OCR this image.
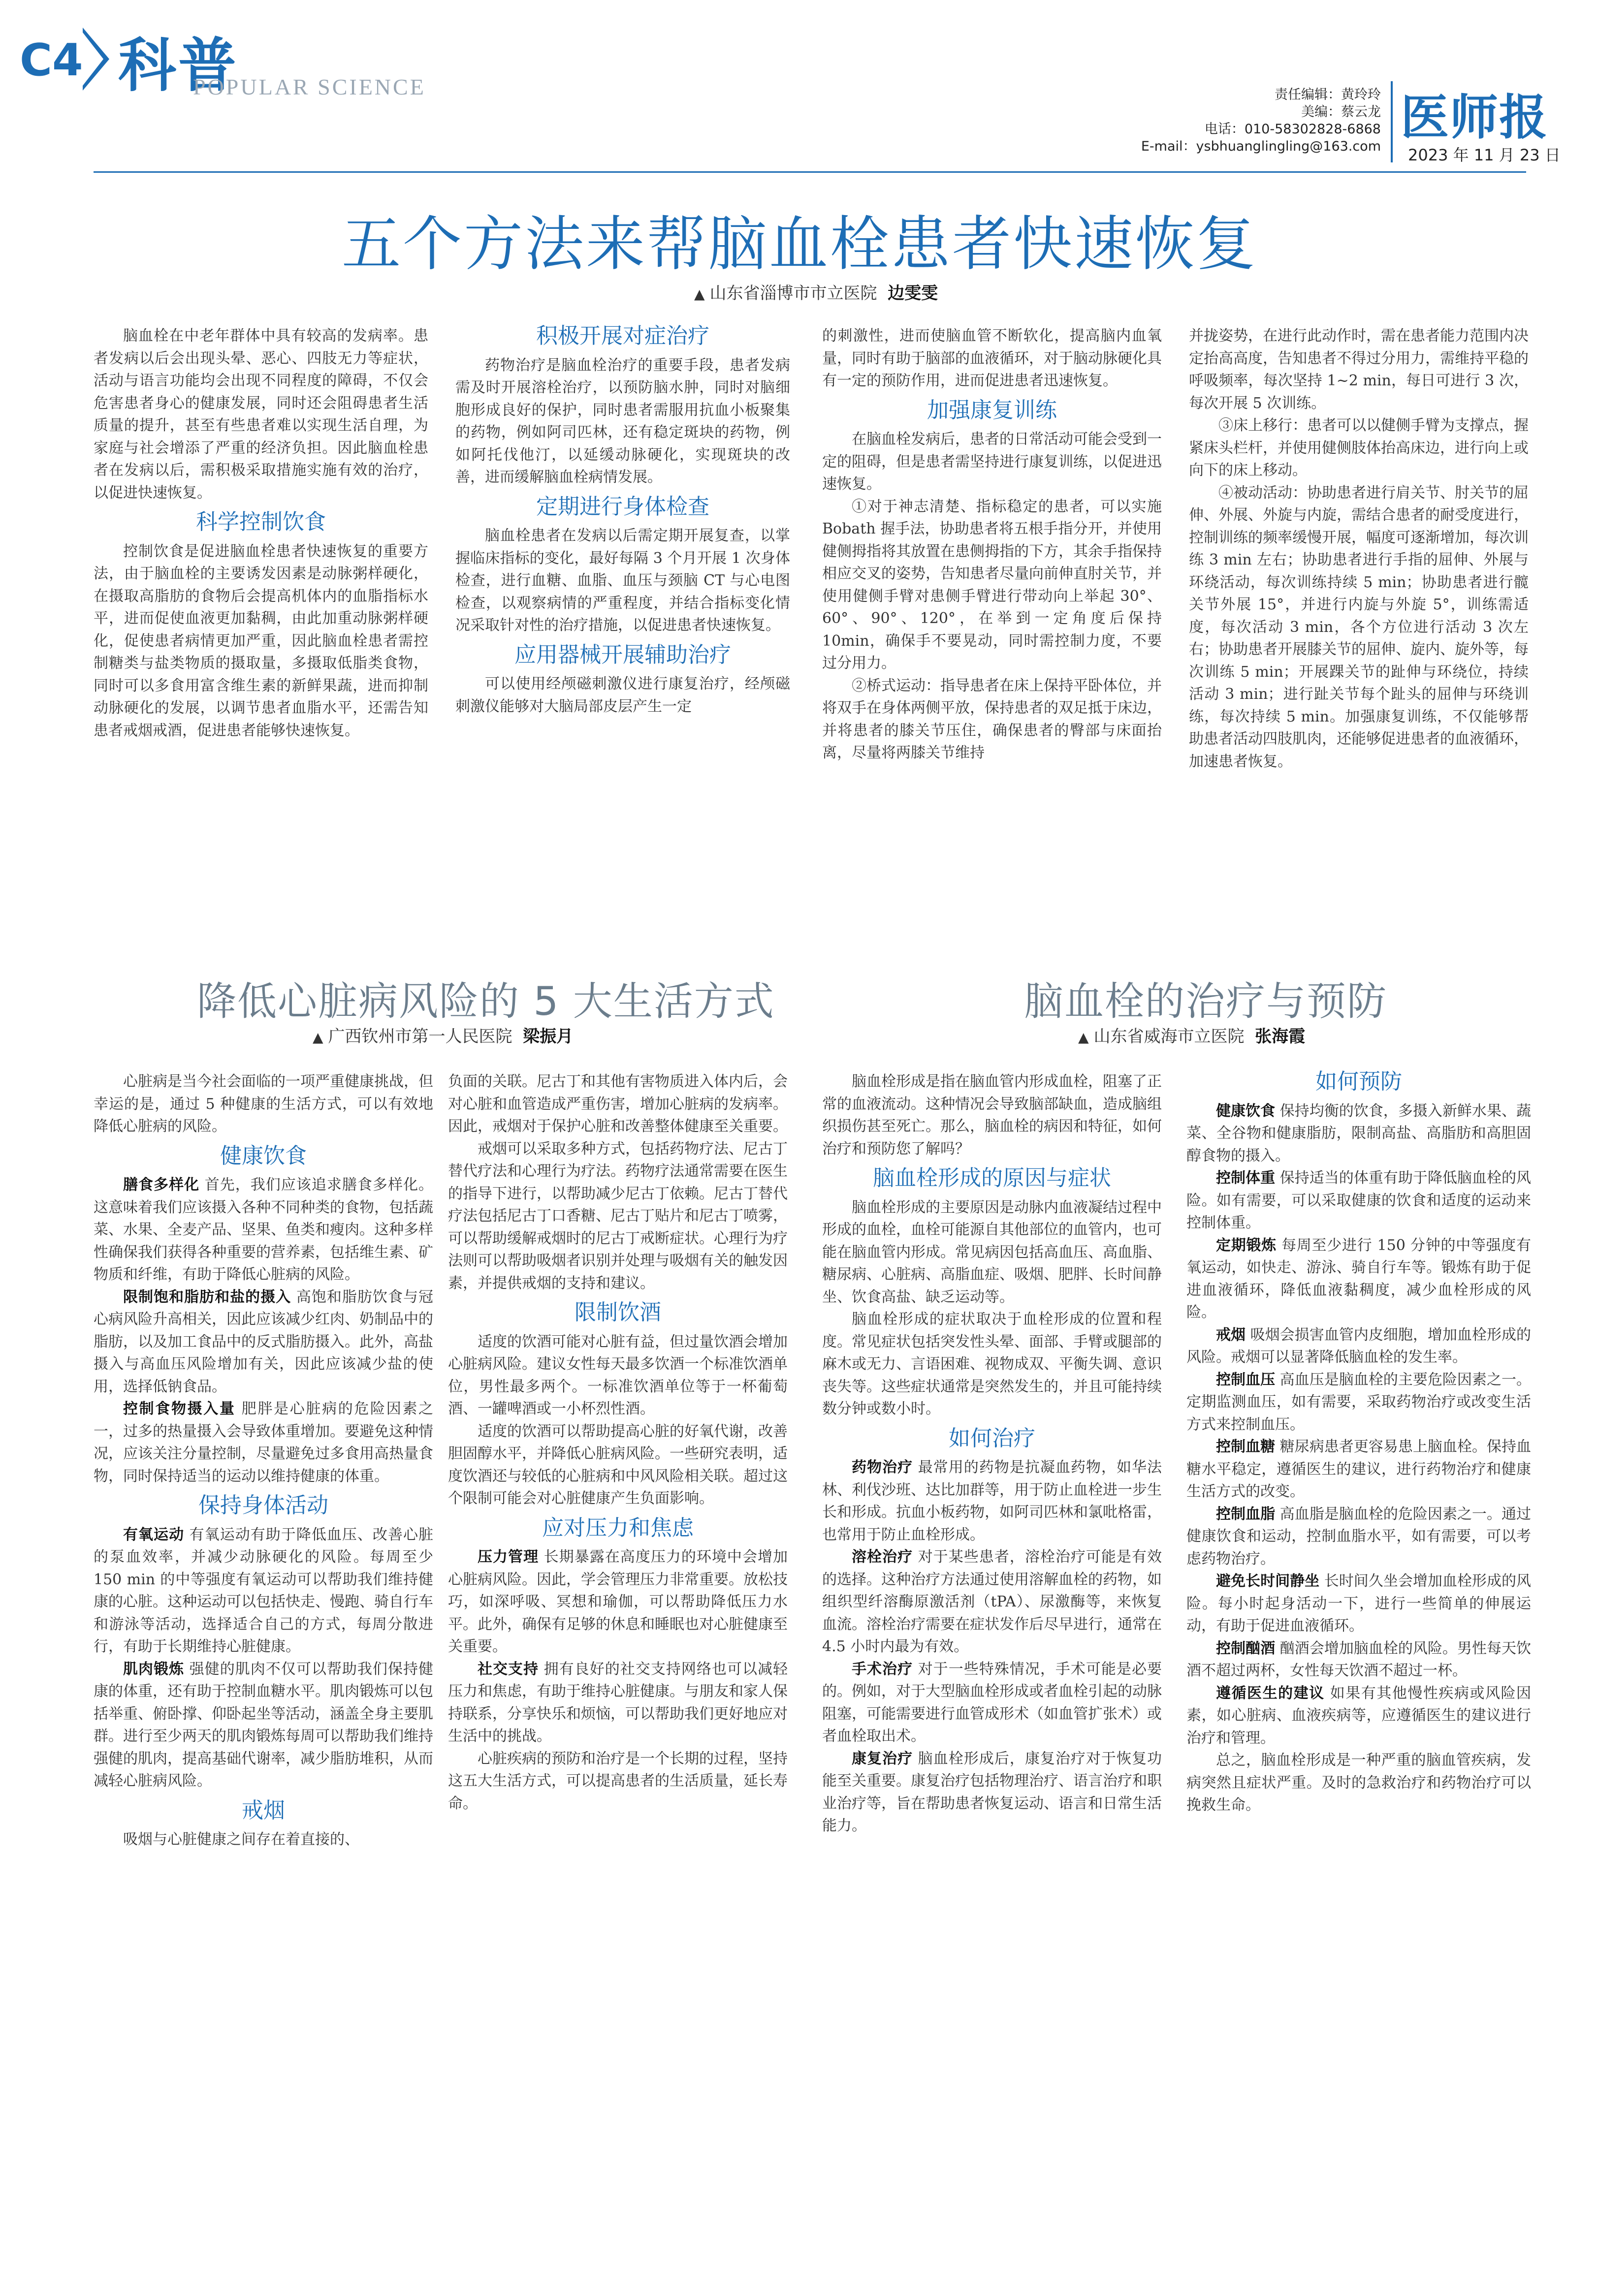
C4 科普
POPULAR SCIENCE	责任编辑：黄玲玲
美编：蔡云龙
电话：010-58302828-6868
E-mail：ysbhuanglingling@163.com
医师报
2023 年 11 月 23 日
五个方法来帮脑血栓患者快速恢复
▲ 山东省淄博市市立医院 边雯雯

脑血栓在中老年群体中具有较高的发病率。患者发病以后会出现头晕、恶心、四肢无力等症状，活动与语言功能均会出现不同程度的障碍，不仅会危害患者身心的健康发展，同时还会阻碍患者生活质量的提升，甚至有些患者难以实现生活自理，为家庭与社会增添了严重的经济负担。因此脑血栓患者在发病以后，需积极采取措施实施有效的治疗，以促进快速恢复。

科学控制饮食

控制饮食是促进脑血栓患者快速恢复的重要方法，由于脑血栓的主要诱发因素是动脉粥样硬化，在摄取高脂肪的食物后会提高机体内的血脂指标水平，进而促使血液更加黏稠，由此加重动脉粥样硬化，促使患者病情更加严重，因此脑血栓患者需控制糖类与盐类物质的摄取量，多摄取低脂类食物，同时可以多食用富含维生素的新鲜果蔬，进而抑制动脉硬化的发展，以调节患者血脂水平，还需告知患者戒烟戒酒，促进患者能够快速恢复。

积极开展对症治疗

药物治疗是脑血栓治疗的重要手段，患者发病需及时开展溶栓治疗，以预防脑水肿，同时对脑细胞形成良好的保护，同时患者需服用抗血小板聚集的药物，例如阿司匹林，还有稳定斑块的药物，例如阿托伐他汀，以延缓动脉硬化，实现斑块的改善，进而缓解脑血栓病情发展。

定期进行身体检查

脑血栓患者在发病以后需定期开展复查，以掌握临床指标的变化，最好每隔 3 个月开展 1 次身体检查，进行血糖、血脂、血压与颈脑 CT 与心电图检查，以观察病情的严重程度，并结合指标变化情况采取针对性的治疗措施，以促进患者快速恢复。

应用器械开展辅助治疗

可以使用经颅磁刺激仪进行康复治疗，经颅磁刺激仪能够对大脑局部皮层产生一定

的刺激性，进而使脑血管不断软化，提高脑内血氧量，同时有助于脑部的血液循环，对于脑动脉硬化具有一定的预防作用，进而促进患者迅速恢复。

加强康复训练

在脑血栓发病后，患者的日常活动可能会受到一定的阻碍，但是患者需坚持进行康复训练，以促进迅速恢复。

①对于神志清楚、指标稳定的患者，可以实施 Bobath 握手法，协助患者将五根手指分开，并使用健侧拇指将其放置在患侧拇指的下方，其余手指保持相应交叉的姿势，告知患者尽量向前伸直肘关节，并使用健侧手臂对患侧手臂进行带动向上举起 30°、60°、90°、120°，在举到一定角度后保持 10min，确保手不要晃动，同时需控制力度，不要过分用力。

②桥式运动：指导患者在床上保持平卧体位，并将双手在身体两侧平放，保持患者的双足抵于床边，并将患者的膝关节压住，确保患者的臀部与床面抬离，尽量将两膝关节维持

并拢姿势，在进行此动作时，需在患者能力范围内决定抬高高度，告知患者不得过分用力，需维持平稳的呼吸频率，每次坚持 1~2 min，每日可进行 3 次，每次开展 5 次训练。

③床上移行：患者可以以健侧手臂为支撑点，握紧床头栏杆，并使用健侧肢体抬高床边，进行向上或向下的床上移动。

④被动活动：协助患者进行肩关节、肘关节的屈伸、外展、外旋与内旋，需结合患者的耐受度进行，控制训练的频率缓慢开展，幅度可逐渐增加，每次训练 3 min 左右；协助患者进行手指的屈伸、外展与环绕活动，每次训练持续 5 min；协助患者进行髋关节外展 15°，并进行内旋与外旋 5°，训练需适度，每次活动 3 min，各个方位进行活动 3 次左右；协助患者开展膝关节的屈伸、旋内、旋外等，每次训练 5 min；开展踝关节的趾伸与环绕位，持续活动 3 min；进行趾关节每个趾头的屈伸与环绕训练，每次持续 5 min。加强康复训练，不仅能够帮助患者活动四肢肌肉，还能够促进患者的血液循环，加速患者恢复。

降低心脏病风险的 5 大生活方式
▲ 广西钦州市第一人民医院 梁振月

心脏病是当今社会面临的一项严重健康挑战，但幸运的是，通过 5 种健康的生活方式，可以有效地降低心脏病的风险。

健康饮食

膳食多样化 首先，我们应该追求膳食多样化。这意味着我们应该摄入各种不同种类的食物，包括蔬菜、水果、全麦产品、坚果、鱼类和瘦肉。这种多样性确保我们获得各种重要的营养素，包括维生素、矿物质和纤维，有助于降低心脏病的风险。

限制饱和脂肪和盐的摄入 高饱和脂肪饮食与冠心病风险升高相关，因此应该减少红肉、奶制品中的脂肪，以及加工食品中的反式脂肪摄入。此外，高盐摄入与高血压风险增加有关，因此应该减少盐的使用，选择低钠食品。

控制食物摄入量 肥胖是心脏病的危险因素之一，过多的热量摄入会导致体重增加。要避免这种情况，应该关注分量控制，尽量避免过多食用高热量食物，同时保持适当的运动以维持健康的体重。

保持身体活动

有氧运动 有氧运动有助于降低血压、改善心脏的泵血效率，并减少动脉硬化的风险。每周至少 150 min 的中等强度有氧运动可以帮助我们维持健康的心脏。这种运动可以包括快走、慢跑、骑自行车和游泳等活动，选择适合自己的方式，每周分散进行，有助于长期维持心脏健康。

肌肉锻炼 强健的肌肉不仅可以帮助我们保持健康的体重，还有助于控制血糖水平。肌肉锻炼可以包括举重、俯卧撑、仰卧起坐等活动，涵盖全身主要肌群。进行至少两天的肌肉锻炼每周可以帮助我们维持强健的肌肉，提高基础代谢率，减少脂肪堆积，从而减轻心脏病风险。

戒烟

吸烟与心脏健康之间存在着直接的、

负面的关联。尼古丁和其他有害物质进入体内后，会对心脏和血管造成严重伤害，增加心脏病的发病率。因此，戒烟对于保护心脏和改善整体健康至关重要。

戒烟可以采取多种方式，包括药物疗法、尼古丁替代疗法和心理行为疗法。药物疗法通常需要在医生的指导下进行，以帮助减少尼古丁依赖。尼古丁替代疗法包括尼古丁口香糖、尼古丁贴片和尼古丁喷雾，可以帮助缓解戒烟时的尼古丁戒断症状。心理行为疗法则可以帮助吸烟者识别并处理与吸烟有关的触发因素，并提供戒烟的支持和建议。

限制饮酒

适度的饮酒可能对心脏有益，但过量饮酒会增加心脏病风险。建议女性每天最多饮酒一个标准饮酒单位，男性最多两个。一标准饮酒单位等于一杯葡萄酒、一罐啤酒或一小杯烈性酒。

适度的饮酒可以帮助提高心脏的好氧代谢，改善胆固醇水平，并降低心脏病风险。一些研究表明，适度饮酒还与较低的心脏病和中风风险相关联。超过这个限制可能会对心脏健康产生负面影响。

应对压力和焦虑

压力管理 长期暴露在高度压力的环境中会增加心脏病风险。因此，学会管理压力非常重要。放松技巧，如深呼吸、冥想和瑜伽，可以帮助降低压力水平。此外，确保有足够的休息和睡眠也对心脏健康至关重要。

社交支持 拥有良好的社交支持网络也可以减轻压力和焦虑，有助于维持心脏健康。与朋友和家人保持联系，分享快乐和烦恼，可以帮助我们更好地应对生活中的挑战。

心脏疾病的预防和治疗是一个长期的过程，坚持这五大生活方式，可以提高患者的生活质量，延长寿命。

脑血栓的治疗与预防
▲ 山东省威海市立医院 张海霞

脑血栓形成是指在脑血管内形成血栓，阻塞了正常的血液流动。这种情况会导致脑部缺血，造成脑组织损伤甚至死亡。那么，脑血栓的病因和特征，如何治疗和预防您了解吗？

脑血栓形成的原因与症状

脑血栓形成的主要原因是动脉内血液凝结过程中形成的血栓，血栓可能源自其他部位的血管内，也可能在脑血管内形成。常见病因包括高血压、高血脂、糖尿病、心脏病、高脂血症、吸烟、肥胖、长时间静坐、饮食高盐、缺乏运动等。

脑血栓形成的症状取决于血栓形成的位置和程度。常见症状包括突发性头晕、面部、手臂或腿部的麻木或无力、言语困难、视物成双、平衡失调、意识丧失等。这些症状通常是突然发生的，并且可能持续数分钟或数小时。

如何治疗

药物治疗 最常用的药物是抗凝血药物，如华法林、利伐沙班、达比加群等，用于防止血栓进一步生长和形成。抗血小板药物，如阿司匹林和氯吡格雷，也常用于防止血栓形成。

溶栓治疗 对于某些患者，溶栓治疗可能是有效的选择。这种治疗方法通过使用溶解血栓的药物，如组织型纤溶酶原激活剂（tPA）、尿激酶等，来恢复血流。溶栓治疗需要在症状发作后尽早进行，通常在 4.5 小时内最为有效。

手术治疗 对于一些特殊情况，手术可能是必要的。例如，对于大型脑血栓形成或者血栓引起的动脉阻塞，可能需要进行血管成形术（如血管扩张术）或者血栓取出术。

康复治疗 脑血栓形成后，康复治疗对于恢复功能至关重要。康复治疗包括物理治疗、语言治疗和职业治疗等，旨在帮助患者恢复运动、语言和日常生活能力。

如何预防

健康饮食 保持均衡的饮食，多摄入新鲜水果、蔬菜、全谷物和健康脂肪，限制高盐、高脂肪和高胆固醇食物的摄入。

控制体重 保持适当的体重有助于降低脑血栓的风险。如有需要，可以采取健康的饮食和适度的运动来控制体重。

定期锻炼 每周至少进行 150 分钟的中等强度有氧运动，如快走、游泳、骑自行车等。锻炼有助于促进血液循环，降低血液黏稠度，减少血栓形成的风险。

戒烟 吸烟会损害血管内皮细胞，增加血栓形成的风险。戒烟可以显著降低脑血栓的发生率。

控制血压 高血压是脑血栓的主要危险因素之一。定期监测血压，如有需要，采取药物治疗或改变生活方式来控制血压。

控制血糖 糖尿病患者更容易患上脑血栓。保持血糖水平稳定，遵循医生的建议，进行药物治疗和健康生活方式的改变。

控制血脂 高血脂是脑血栓的危险因素之一。通过健康饮食和运动，控制血脂水平，如有需要，可以考虑药物治疗。

避免长时间静坐 长时间久坐会增加血栓形成的风险。每小时起身活动一下，进行一些简单的伸展运动，有助于促进血液循环。

控制酗酒 酗酒会增加脑血栓的风险。男性每天饮酒不超过两杯，女性每天饮酒不超过一杯。

遵循医生的建议 如果有其他慢性疾病或风险因素，如心脏病、血液疾病等，应遵循医生的建议进行治疗和管理。

总之，脑血栓形成是一种严重的脑血管疾病，发病突然且症状严重。及时的急救治疗和药物治疗可以挽救生命。
